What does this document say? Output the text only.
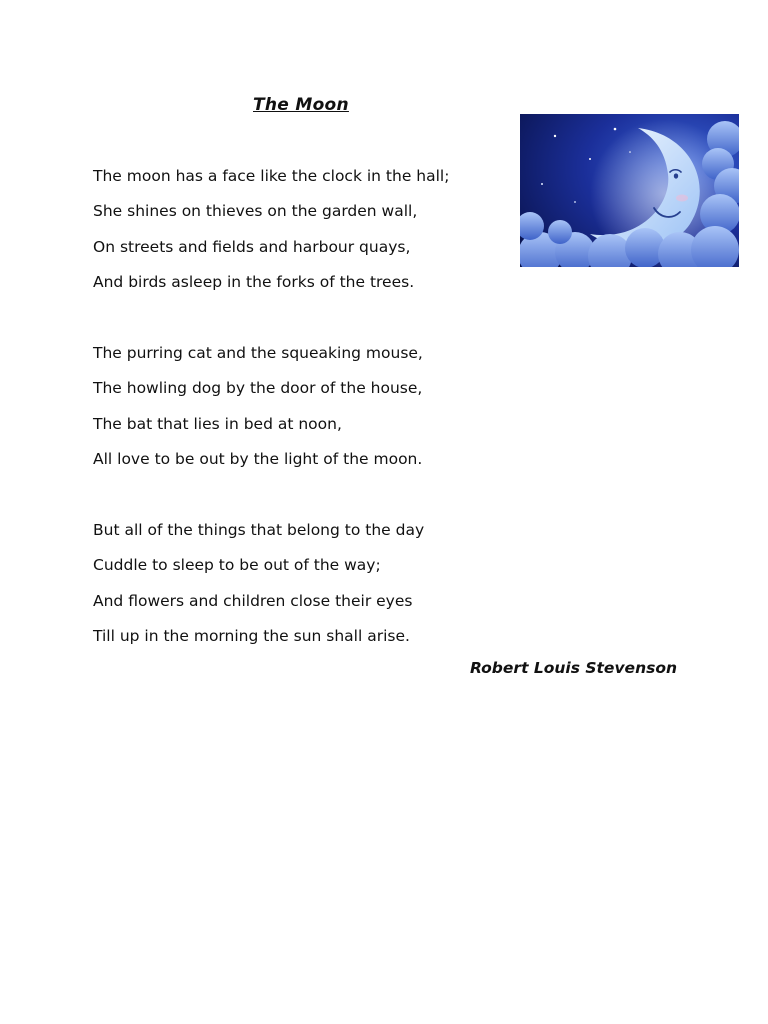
The Moon
The moon has a face like the clock in the hall;
She shines on thieves on the garden wall,
On streets and fields and harbour quays,
And birds asleep in the forks of the trees.
The purring cat and the squeaking mouse,
The howling dog by the door of the house,
The bat that lies in bed at noon,
All love to be out by the light of the moon.
But all of the things that belong to the day
Cuddle to sleep to be out of the way;
And flowers and children close their eyes
Till up in the morning the sun shall arise.
Robert Louis Stevenson
